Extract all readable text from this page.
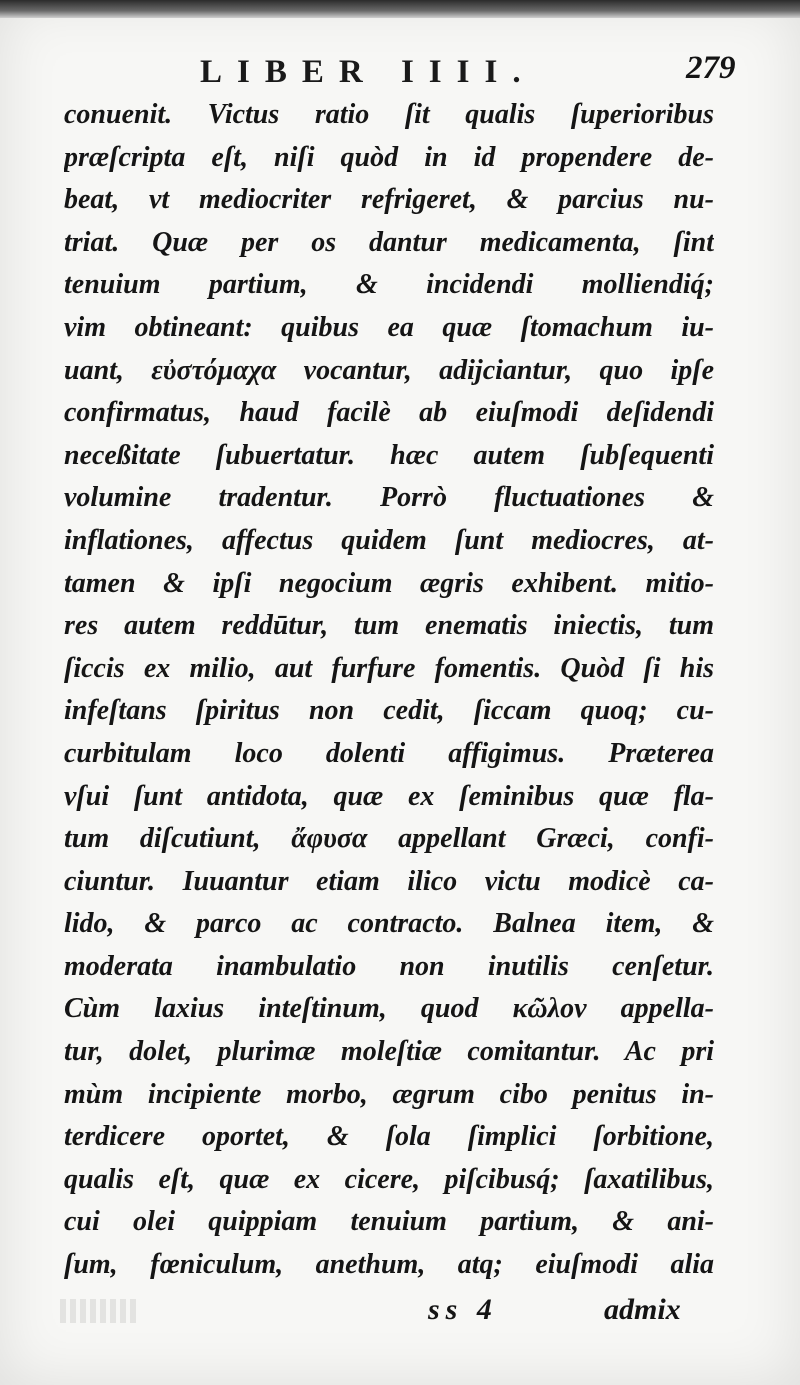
LIBER IIII.	279
conuenit. Victus ratio ſit qualis ſuperioribus
præſcripta eſt, niſi quòd in id propendere de-
beat, vt mediocriter refrigeret, & parcius nu-
triat. Quæ per os dantur medicamenta, ſint
tenuium partium, & incidendi molliendiq́;
vim obtineant: quibus ea quæ ſtomachum iu-
uant, εὐστόμαχα vocantur, adijciantur, quo ipſe
confirmatus, haud facilè ab eiuſmodi deſidendi
neceßitate ſubuertatur. hæc autem ſubſequenti
volumine tradentur. Porrò fluctuationes &
inflationes, affectus quidem ſunt mediocres, at-
tamen & ipſi negocium ægris exhibent. mitio-
res autem reddūtur, tum enematis iniectis, tum
ſiccis ex milio, aut furfure fomentis. Quòd ſi his
infeſtans ſpiritus non cedit, ſiccam quoq; cu-
curbitulam loco dolenti affigimus. Præterea
vſui ſunt antidota, quæ ex ſeminibus quæ fla-
tum diſcutiunt, ἄφυσα appellant Græci, confi-
ciuntur. Iuuantur etiam ilico victu modicè ca-
lido, & parco ac contracto. Balnea item, &
moderata inambulatio non inutilis cenſetur.
Cùm laxius inteſtinum, quod κῶλον appella-
tur, dolet, plurimæ moleſtiæ comitantur. Ac pri
mùm incipiente morbo, ægrum cibo penitus in-
terdicere oportet, & ſola ſimplici ſorbitione,
qualis eſt, quæ ex cicere, piſcibusq́; ſaxatilibus,
cui olei quippiam tenuium partium, & ani-
ſum, fœniculum, anethum, atq; eiuſmodi alia
ss 4	admix
